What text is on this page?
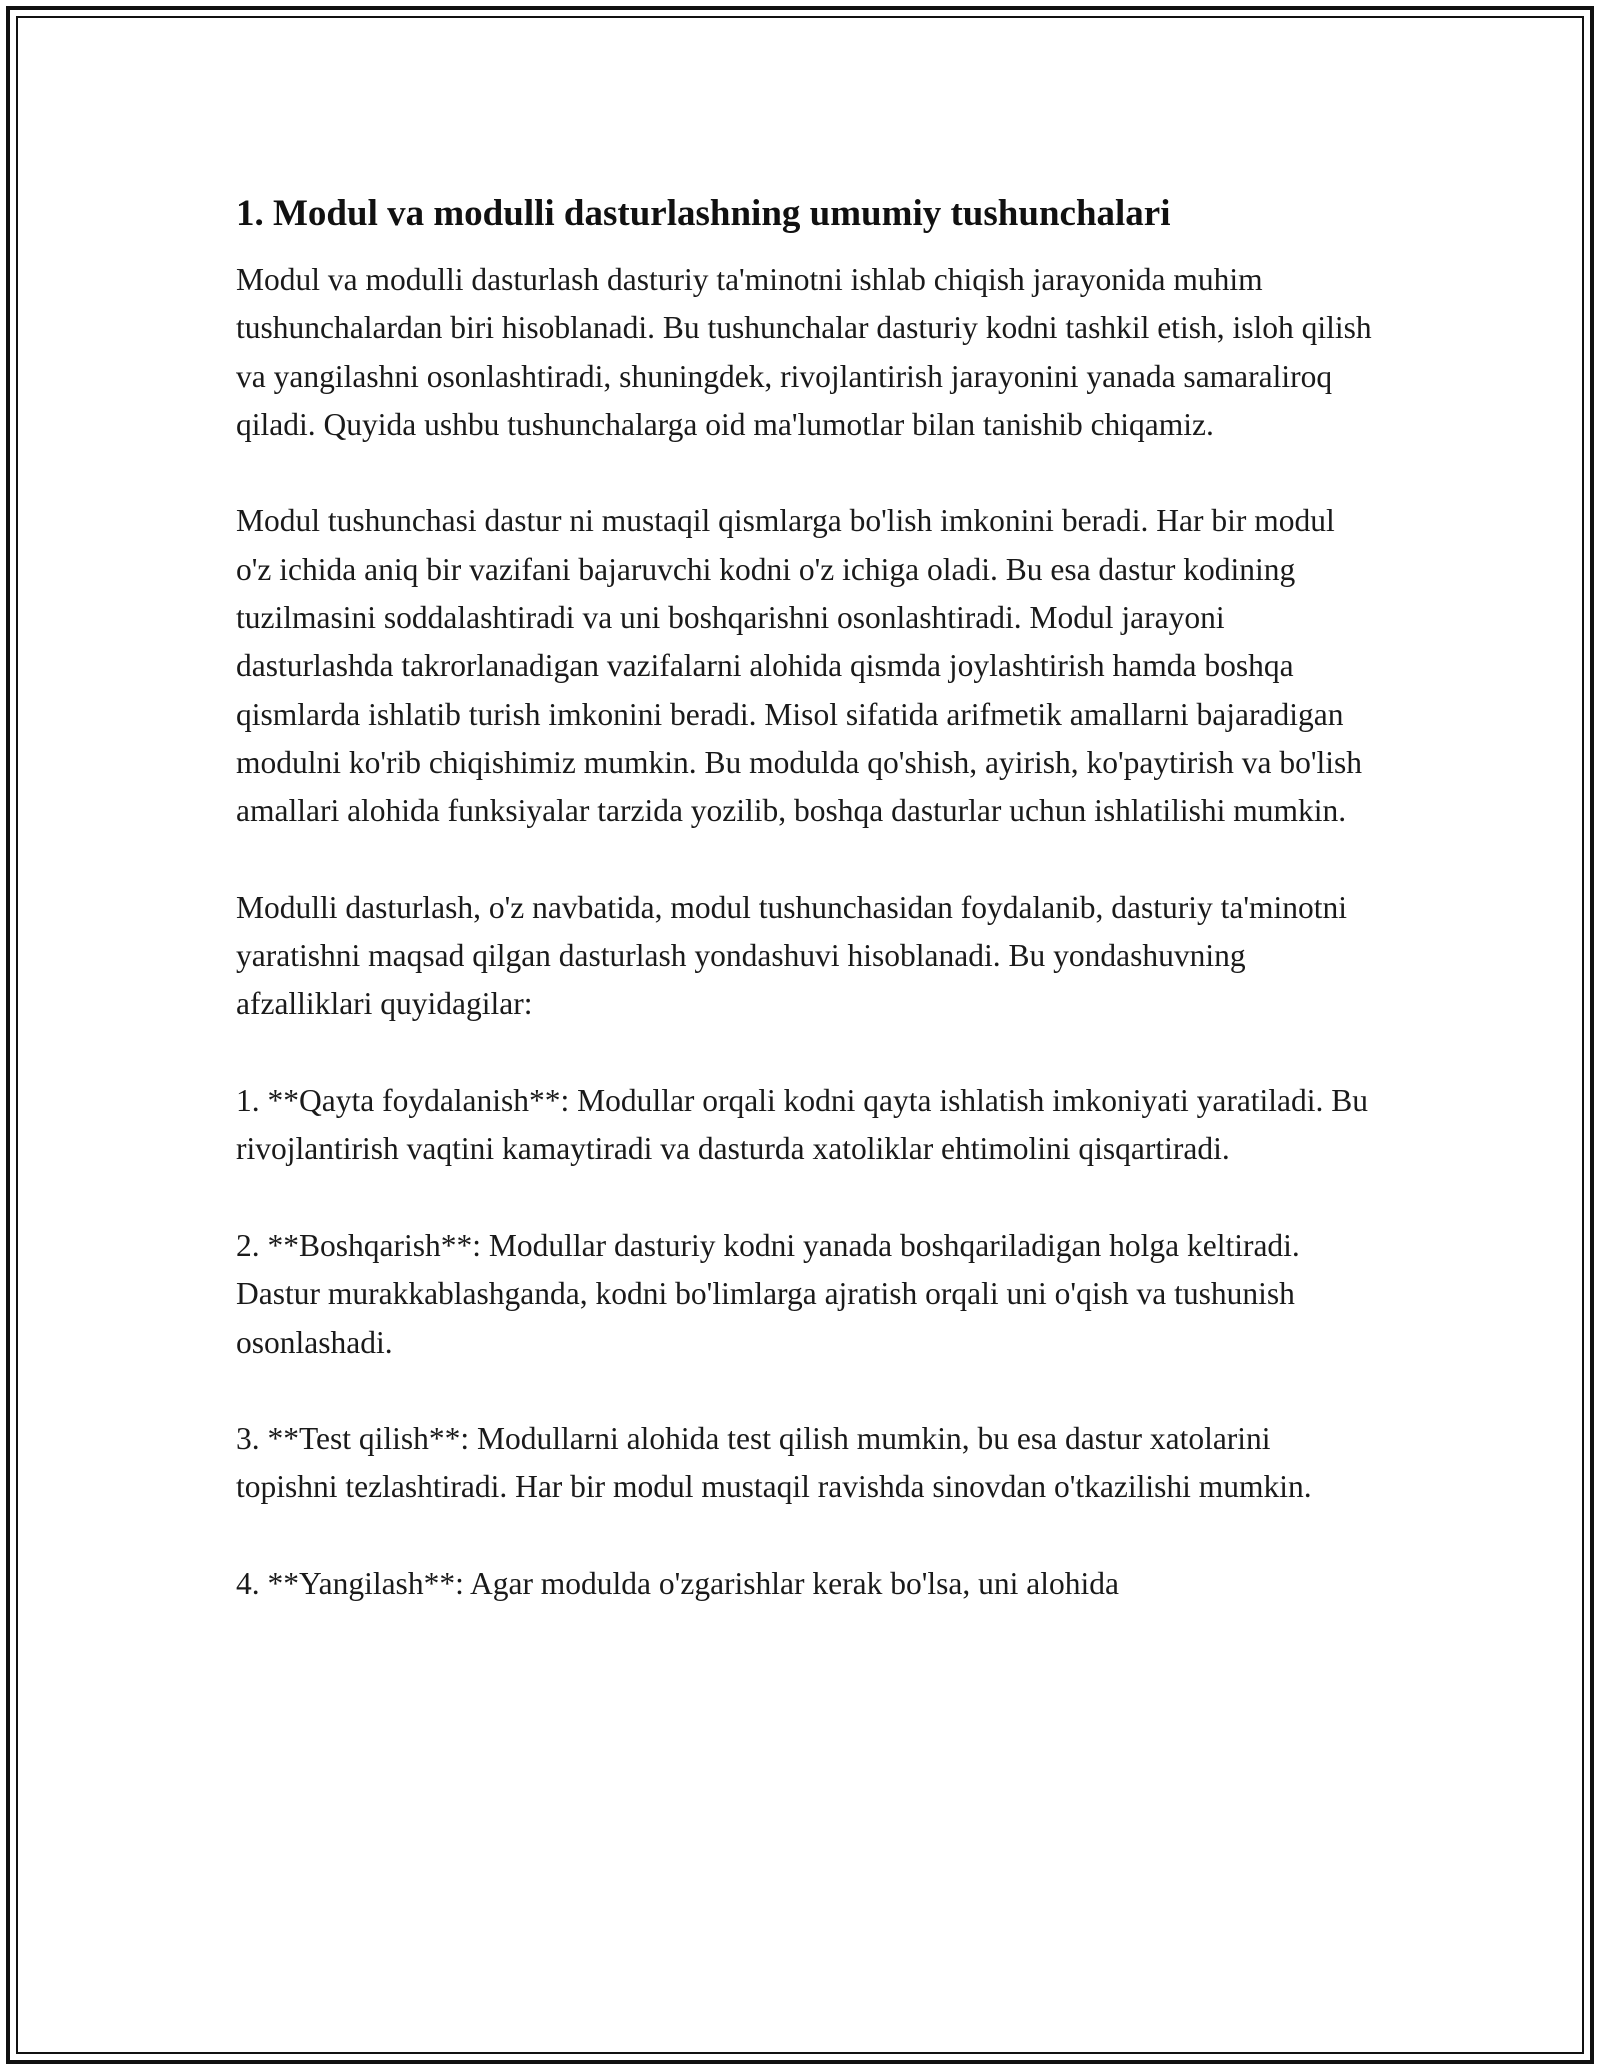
1. Modul va modulli dasturlashning umumiy tushunchalari

Modul va modulli dasturlash dasturiy ta'minotni ishlab chiqish jarayonida muhim tushunchalardan biri hisoblanadi. Bu tushunchalar dasturiy kodni tashkil etish, isloh qilish va yangilashni osonlashtiradi, shuningdek, rivojlantirish jarayonini yanada samaraliroq qiladi. Quyida ushbu tushunchalarga oid ma'lumotlar bilan tanishib chiqamiz.

Modul tushunchasi dastur ni mustaqil qismlarga bo'lish imkonini beradi. Har bir modul o'z ichida aniq bir vazifani bajaruvchi kodni o'z ichiga oladi. Bu esa dastur kodining tuzilmasini soddalashtiradi va uni boshqarishni osonlashtiradi. Modul jarayoni dasturlashda takrorlanadigan vazifalarni alohida qismda joylashtirish hamda boshqa qismlarda ishlatib turish imkonini beradi. Misol sifatida arifmetik amallarni bajaradigan modulni ko'rib chiqishimiz mumkin. Bu modulda qo'shish, ayirish, ko'paytirish va bo'lish amallari alohida funksiyalar tarzida yozilib, boshqa dasturlar uchun ishlatilishi mumkin.

Modulli dasturlash, o'z navbatida, modul tushunchasidan foydalanib, dasturiy ta'minotni yaratishni maqsad qilgan dasturlash yondashuvi hisoblanadi. Bu yondashuvning afzalliklari quyidagilar:

1. **Qayta foydalanish**: Modullar orqali kodni qayta ishlatish imkoniyati yaratiladi. Bu rivojlantirish vaqtini kamaytiradi va dasturda xatoliklar ehtimolini qisqartiradi.

2. **Boshqarish**: Modullar dasturiy kodni yanada boshqariladigan holga keltiradi. Dastur murakkablashganda, kodni bo'limlarga ajratish orqali uni o'qish va tushunish osonlashadi.

3. **Test qilish**: Modullarni alohida test qilish mumkin, bu esa dastur xatolarini topishni tezlashtiradi. Har bir modul mustaqil ravishda sinovdan o'tkazilishi mumkin.

4. **Yangilash**: Agar modulda o'zgarishlar kerak bo'lsa, uni alohida
